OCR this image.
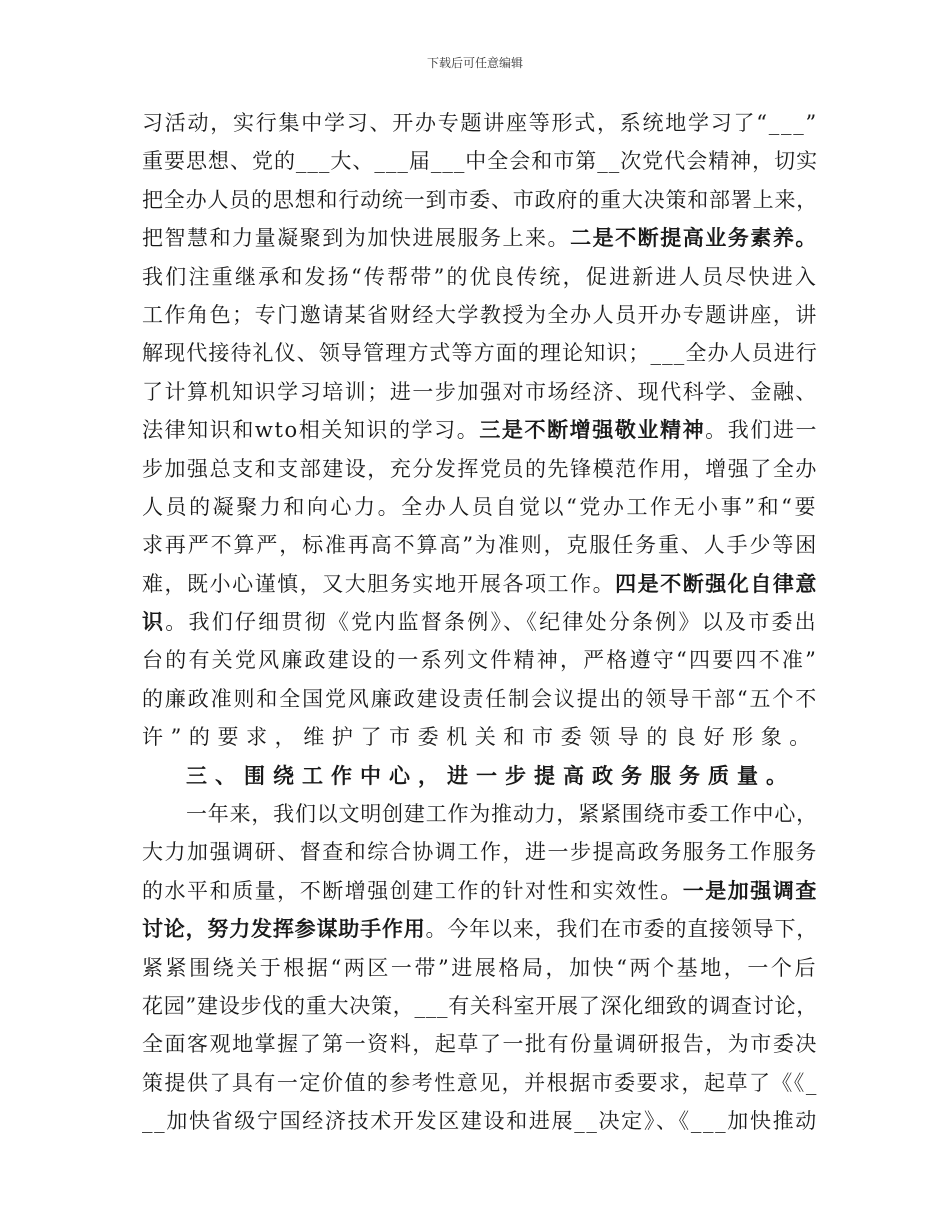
下载后可任意编辑
习活动，实行集中学习、开办专题讲座等形式，系统地学习了“___”
重要思想、党的___大、___届___中全会和市第__次党代会精神，切实
把全办人员的思想和行动统一到市委、市政府的重大决策和部署上来，
把智慧和力量凝聚到为加快进展服务上来。二是不断提高业务素养。
我们注重继承和发扬“传帮带”的优良传统，促进新进人员尽快进入
工作角色；专门邀请某省财经大学教授为全办人员开办专题讲座，讲
解现代接待礼仪、领导管理方式等方面的理论知识；___全办人员进行
了计算机知识学习培训；进一步加强对市场经济、现代科学、金融、
法律知识和wto相关知识的学习。三是不断增强敬业精神。我们进一
步加强总支和支部建设，充分发挥党员的先锋模范作用，增强了全办
人员的凝聚力和向心力。全办人员自觉以“党办工作无小事”和“要
求再严不算严，标准再高不算高”为准则，克服任务重、人手少等困
难，既小心谨慎，又大胆务实地开展各项工作。四是不断强化自律意
识。我们仔细贯彻《党内监督条例》、《纪律处分条例》以及市委出
台的有关党风廉政建设的一系列文件精神，严格遵守“四要四不准”
的廉政准则和全国党风廉政建设责任制会议提出的领导干部“五个不
许”的要求，维护了市委机关和市委领导的良好形象。
三、围绕工作中心，进一步提高政务服务质量。
一年来，我们以文明创建工作为推动力，紧紧围绕市委工作中心，
大力加强调研、督查和综合协调工作，进一步提高政务服务工作服务
的水平和质量，不断增强创建工作的针对性和实效性。一是加强调查
讨论，努力发挥参谋助手作用。今年以来，我们在市委的直接领导下，
紧紧围绕关于根据“两区一带”进展格局，加快“两个基地，一个后
花园”建设步伐的重大决策，___有关科室开展了深化细致的调查讨论，
全面客观地掌握了第一资料，起草了一批有份量调研报告，为市委决
策提供了具有一定价值的参考性意见，并根据市委要求，起草了《《_
__加快省级宁国经济技术开发区建设和进展__决定》、《___加快推动
